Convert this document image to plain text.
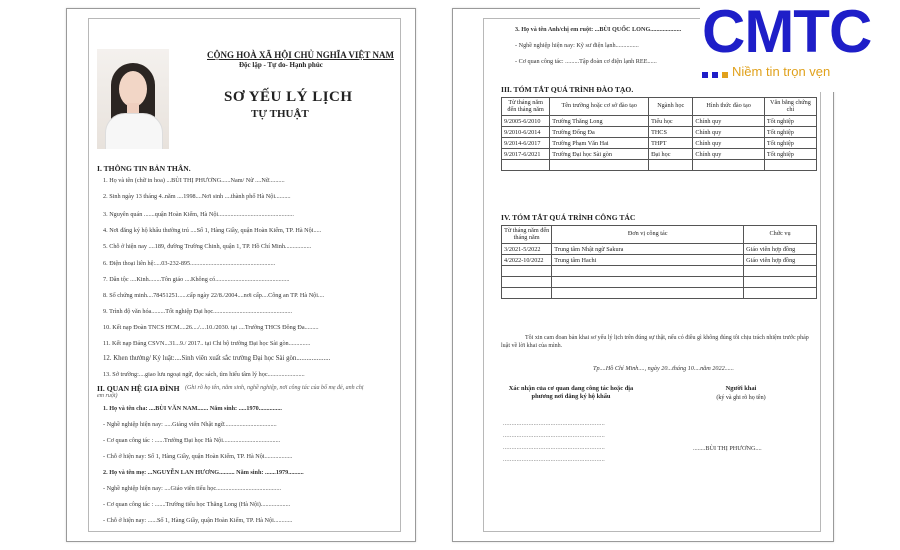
CỘNG HOÀ XÃ HỘI CHỦ NGHĨA VIỆT NAM
Độc lập - Tự do- Hạnh phúc
SƠ YẾU LÝ LỊCH
TỰ THUẬT
I. THÔNG TIN BẢN THÂN.
1. Họ và tên (chữ in hoa) ...BÙI THỊ PHƯƠNG......Nam/ Nữ ....Nữ..........
2. Sinh ngày 13 tháng 4..năm ....1998....Nơi sinh ....thành phố Hà Nội..........
3. Nguyên quán .......quận Hoàn Kiếm, Hà Nội.................................................
4. Nơi đăng ký hộ khẩu thường trú ....Số 1, Hàng Giầy, quận Hoàn Kiếm, TP. Hà Nội.....
5. Chỗ ở hiện nay ....189, đường Trường Chinh, quận 1, TP. Hồ Chí Minh.................
6. Điện thoại liên hệ:....03-232-895.......................................................
7. Dân tộc ....Kinh........Tôn giáo ....Không có................................................
8. Số chứng minh....78451251......cấp ngày 22/8./2004....nơi cấp....Công an TP. Hà Nội....
9. Trình độ văn hóa.........Tốt nghiệp Đại học...................................................
10. Kết nạp Đoàn TNCS HCM....26..../....10./2030. tại ....Trường THCS Đông Đa.........
11. Kết nạp Đảng CSVN...31...9./ 2017.. tại Chi bộ trường Đại học Sài gòn..............
12. Khen thưởng/ Kỷ luật:....Sinh viên xuất sắc trường Đại học Sài gòn....................
13. Sở trường:....giao lưu ngoại ngữ, đọc sách, tìm hiểu tâm lý học........................
II. QUAN HỆ GIA ĐÌNH (Ghi rõ họ tên, năm sinh, nghề nghiệp, nơi công tác của bố mẹ đẻ, anh chị em ruột)
1. Họ và tên cha: ....BÙI VĂN NAM....... Năm sinh: .....1970...............
- Nghề nghiệp hiện nay: .....Giảng viên Nhật ngữ..................................
- Cơ quan công tác : ......Trường Đại học Hà Nội.....................................
- Chỗ ở hiện nay: Số 1, Hàng Giầy, quận Hoàn Kiếm, TP. Hà Nội..................
2. Họ và tên mẹ: ...NGUYỄN LAN HƯƠNG.......... Năm sinh: .......1979..........
- Nghề nghiệp hiện nay: ....Giáo viên tiểu học..........................................
- Cơ quan công tác : .......Trường tiểu học Thăng Long (Hà Nội)...................
- Chỗ ở hiện nay: ......Số 1, Hàng Giầy, quận Hoàn Kiếm, TP. Hà Nội............
3. Họ và tên Anh/chị em ruột: ...BÙI QUỐC LONG....................
- Nghề nghiệp hiện nay: Kỹ sư điện lạnh...............
- Cơ quan công tác: .........Tập đoàn cơ điện lạnh REE......
III. TÓM TẮT QUÁ TRÌNH ĐÀO TẠO.
Từ tháng năm đến tháng năm	Tên trường hoặc cơ sở đào tạo	Ngành học	Hình thức đào tạo	Văn bằng chứng chỉ
9/2005-6/2010	Trường Thăng Long	Tiểu học	Chính quy	Tốt nghiệp
9/2010-6/2014	Trường Đống Đa	THCS	Chính quy	Tốt nghiệp
9/2014-6/2017	Trường Phạm Văn Hai	THPT	Chính quy	Tốt nghiệp
9/2017-6/2021	Trường Đại học Sài gòn	Đại học	Chính quy	Tốt nghiệp

IV. TÓM TẮT QUÁ TRÌNH CÔNG TÁC
Từ tháng năm đến tháng năm	Đơn vị công tác	Chức vụ
3/2021-5/2022	Trung tâm Nhật ngữ Sakura	Giáo viên hợp đồng
4/2022-10/2022	Trung tâm Hachi	Giáo viên hợp đồng

Tôi xin cam đoan bản khai sơ yếu lý lịch trên đúng sự thật, nếu có điều gì không đúng tôi chịu trách nhiệm trước pháp luật về lời khai của mình.
Tp....Hồ Chí Minh...., ngày 20...tháng 10....năm 2022......
Xác nhận của cơ quan đang công tác hoặc địa phương nơi đăng ký hộ khẩu
Người khai
(ký và ghi rõ họ tên)
............................................................
............................................................
............................................................
............................................................
........BÙI THỊ PHƯƠNG....
CMTC
Niềm tin trọn vẹn
